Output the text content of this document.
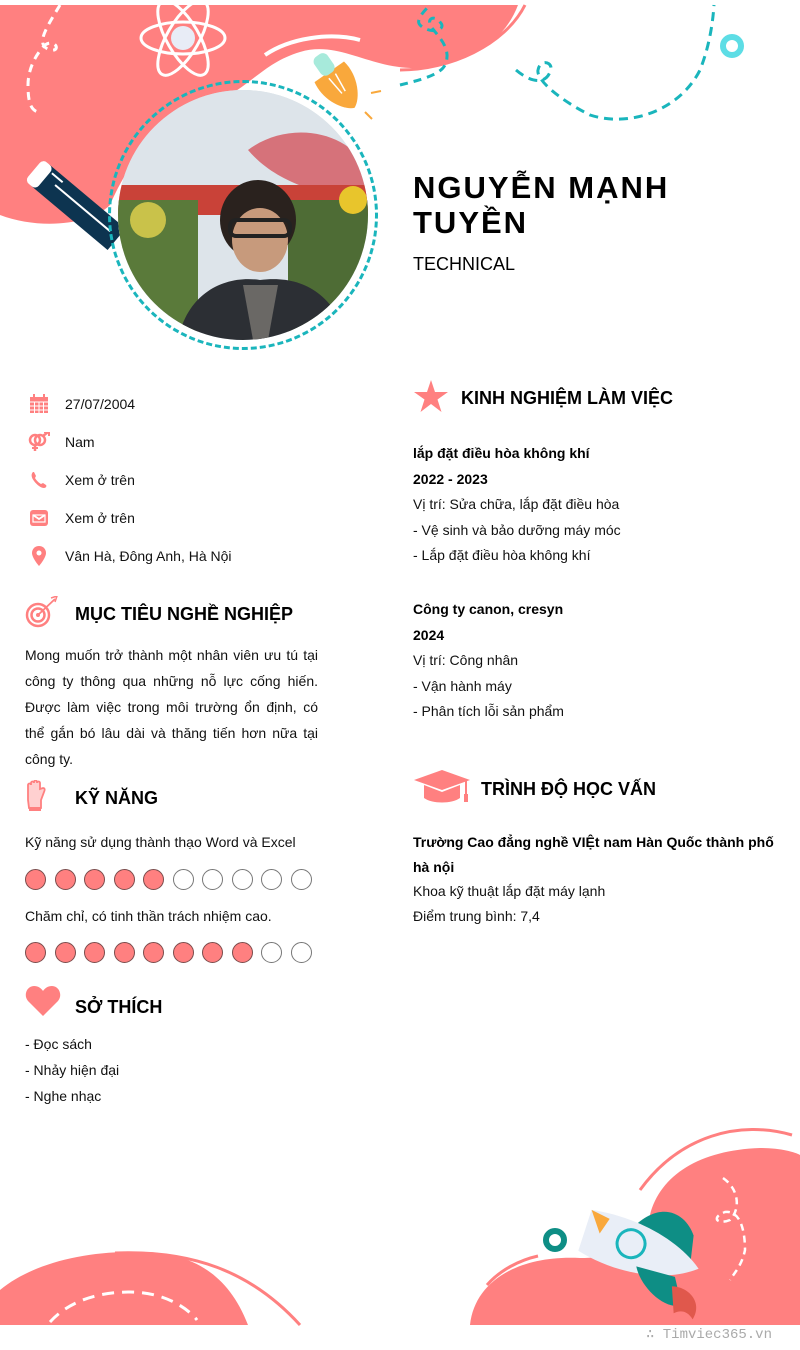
NGUYỄN MẠNH TUYỀN
TECHNICAL
27/07/2004
Nam
Xem ở trên
Xem ở trên
Vân Hà, Đông Anh, Hà Nội
MỤC TIÊU NGHỀ NGHIỆP
Mong muốn trở thành một nhân viên ưu tú tại công ty thông qua những nỗ lực cống hiến. Được làm việc trong môi trường ổn định, có thể gắn bó lâu dài và thăng tiến hơn nữa tại công ty.
KỸ NĂNG
Kỹ năng sử dụng thành thạo Word và Excel
Chăm chỉ, có tinh thần trách nhiệm cao.
SỞ THÍCH
- Đọc sách
- Nhảy hiện đại
- Nghe nhạc
KINH NGHIỆM LÀM VIỆC
lắp đặt điều hòa không khí
2022 - 2023
Vị trí: Sửa chữa, lắp đặt điều hòa
- Vệ sinh và bảo dưỡng máy móc
- Lắp đặt điều hòa không khí
Công ty canon, cresyn
2024
Vị trí: Công nhân
- Vận hành máy
- Phân tích lỗi sản phẩm
TRÌNH ĐỘ HỌC VẤN
Trường Cao đẳng nghề VIỆt nam Hàn Quốc thành phố hà nội
Khoa kỹ thuật lắp đặt máy lạnh
Điểm trung bình: 7,4
∴ Timviec365.vn
